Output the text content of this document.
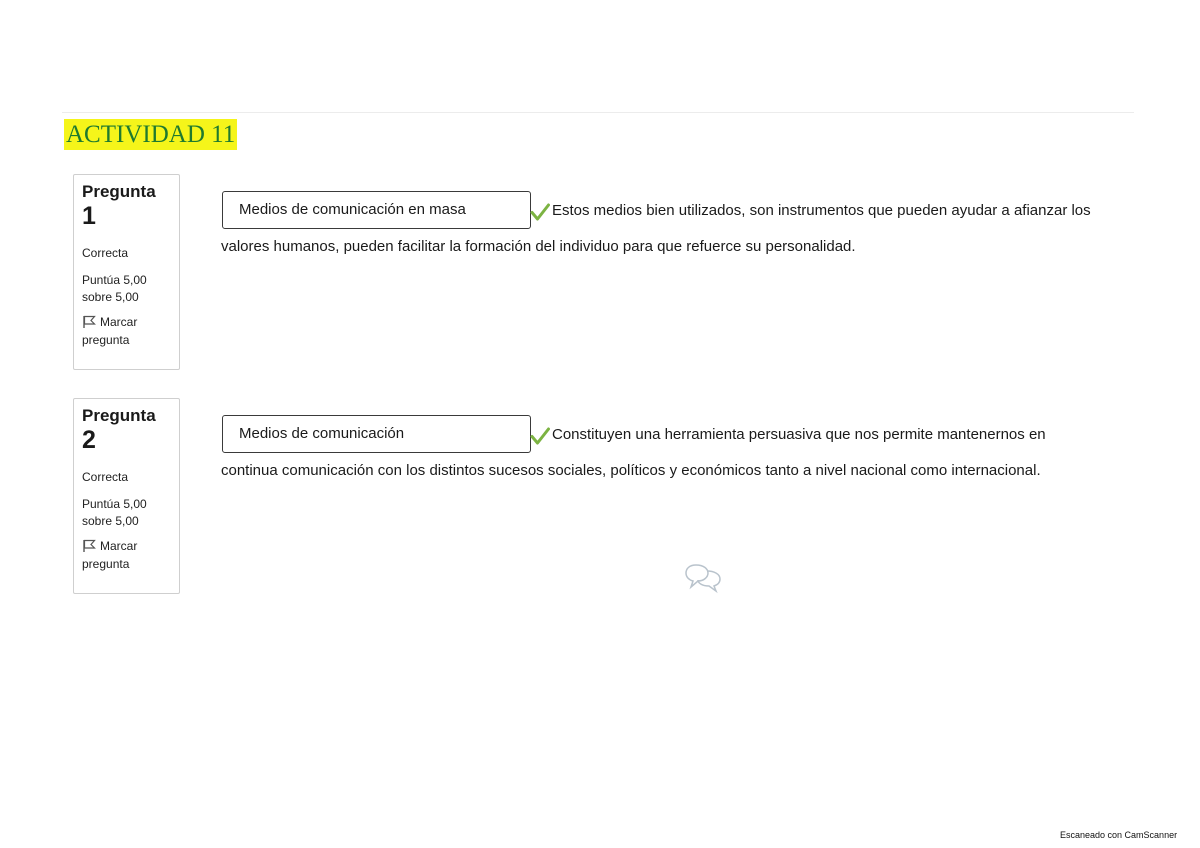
ACTIVIDAD 11
Pregunta
1
Correcta
Puntúa 5,00 sobre 5,00
Marcar pregunta
Medios de comunicación en masa	Estos medios bien utilizados, son instrumentos que pueden ayudar a afianzar los
valores humanos, pueden facilitar la formación del individuo para que refuerce su personalidad.
Pregunta
2
Correcta
Puntúa 5,00 sobre 5,00
Marcar pregunta
Medios de comunicación	Constituyen una herramienta persuasiva que nos permite mantenernos en
continua comunicación con los distintos sucesos sociales, políticos y económicos tanto a nivel nacional como internacional.
Escaneado con CamScanner
